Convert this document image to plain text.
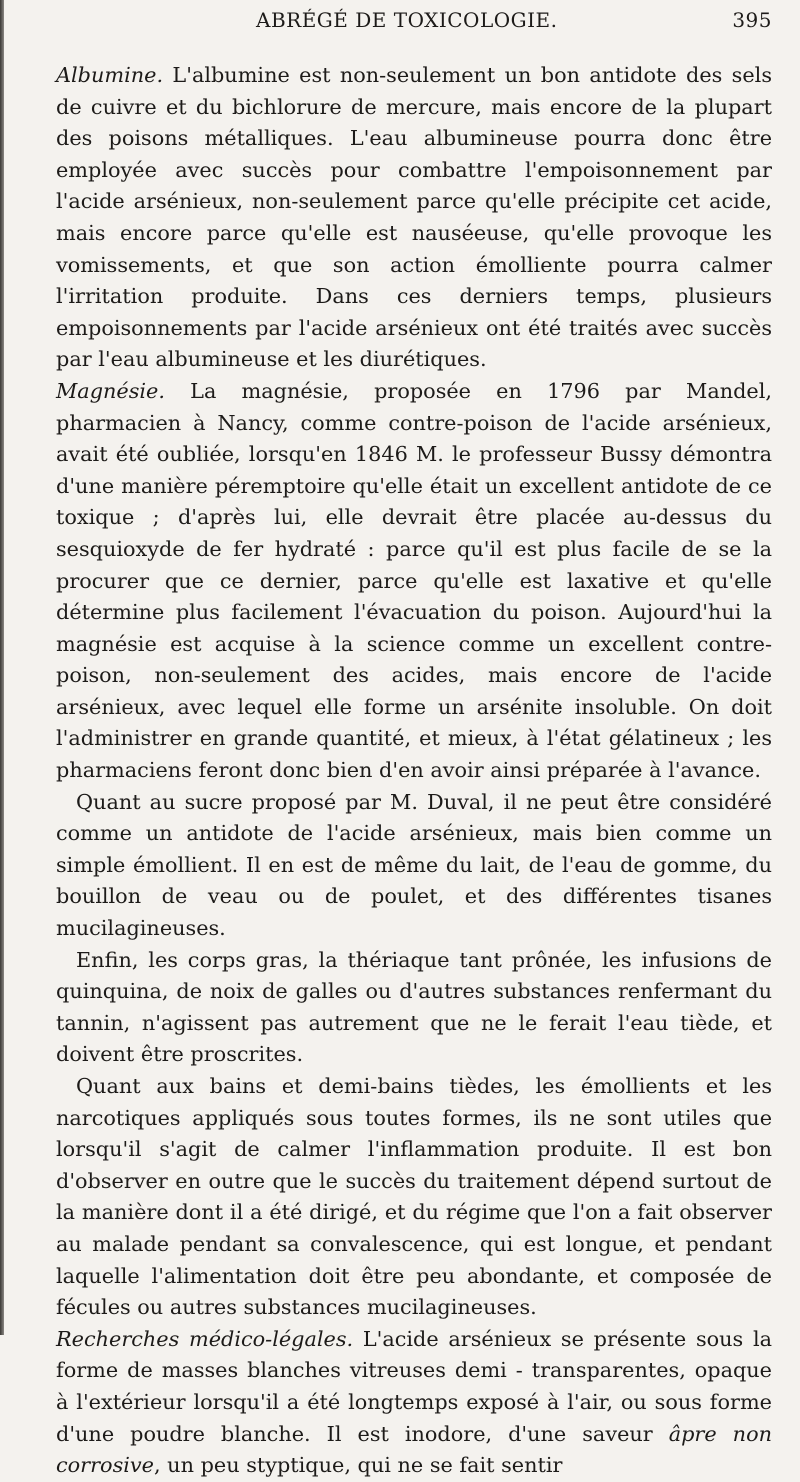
ABRÉGÉ DE TOXICOLOGIE.	395

Albumine. L'albumine est non-seulement un bon antidote des sels de cuivre et du bichlorure de mercure, mais encore de la plupart des poisons métalliques. L'eau albumineuse pourra donc être employée avec succès pour combattre l'empoisonnement par l'acide arsénieux, non-seulement parce qu'elle précipite cet acide, mais encore parce qu'elle est nauséeuse, qu'elle provoque les vomissements, et que son action émolliente pourra calmer l'irritation produite. Dans ces derniers temps, plusieurs empoisonnements par l'acide arsénieux ont été traités avec succès par l'eau albumineuse et les diurétiques.

Magnésie. La magnésie, proposée en 1796 par Mandel, pharmacien à Nancy, comme contre-poison de l'acide arsénieux, avait été oubliée, lorsqu'en 1846 M. le professeur Bussy démontra d'une manière péremptoire qu'elle était un excellent antidote de ce toxique ; d'après lui, elle devrait être placée au-dessus du sesquioxyde de fer hydraté : parce qu'il est plus facile de se la procurer que ce dernier, parce qu'elle est laxative et qu'elle détermine plus facilement l'évacuation du poison. Aujourd'hui la magnésie est acquise à la science comme un excellent contre-poison, non-seulement des acides, mais encore de l'acide arsénieux, avec lequel elle forme un arsénite insoluble. On doit l'administrer en grande quantité, et mieux, à l'état gélatineux ; les pharmaciens feront donc bien d'en avoir ainsi préparée à l'avance.

Quant au sucre proposé par M. Duval, il ne peut être considéré comme un antidote de l'acide arsénieux, mais bien comme un simple émollient. Il en est de même du lait, de l'eau de gomme, du bouillon de veau ou de poulet, et des différentes tisanes mucilagineuses.

Enfin, les corps gras, la thériaque tant prônée, les infusions de quinquina, de noix de galles ou d'autres substances renfermant du tannin, n'agissent pas autrement que ne le ferait l'eau tiède, et doivent être proscrites.

Quant aux bains et demi-bains tièdes, les émollients et les narcotiques appliqués sous toutes formes, ils ne sont utiles que lorsqu'il s'agit de calmer l'inflammation produite. Il est bon d'observer en outre que le succès du traitement dépend surtout de la manière dont il a été dirigé, et du régime que l'on a fait observer au malade pendant sa convalescence, qui est longue, et pendant laquelle l'alimentation doit être peu abondante, et composée de fécules ou autres substances mucilagineuses.

Recherches médico-légales. L'acide arsénieux se présente sous la forme de masses blanches vitreuses demi - transparentes, opaque à l'extérieur lorsqu'il a été longtemps exposé à l'air, ou sous forme d'une poudre blanche. Il est inodore, d'une saveur âpre non corrosive, un peu styptique, qui ne se fait sentir
